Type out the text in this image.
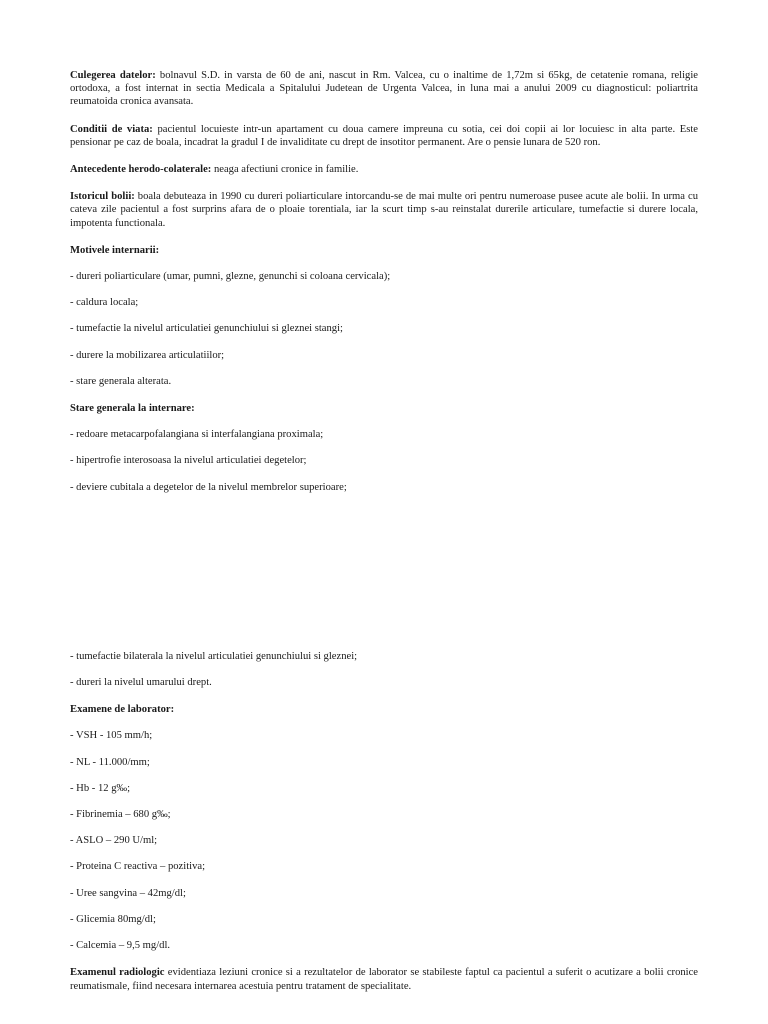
Culegerea datelor: bolnavul S.D. in varsta de 60 de ani, nascut in Rm. Valcea, cu o inaltime de 1,72m si 65kg, de cetatenie romana, religie ortodoxa, a fost internat in sectia Medicala a Spitalului Judetean de Urgenta Valcea, in luna mai a anului 2009 cu diagnosticul: poliartrita reumatoida cronica avansata.

Conditii de viata: pacientul locuieste intr-un apartament cu doua camere impreuna cu sotia, cei doi copii ai lor locuiesc in alta parte. Este pensionar pe caz de boala, incadrat la gradul I de invaliditate cu drept de insotitor permanent. Are o pensie lunara de 520 ron.

Antecedente herodo-colaterale: neaga afectiuni cronice in familie.

Istoricul bolii: boala debuteaza in 1990 cu dureri poliarticulare intorcandu-se de mai multe ori pentru numeroase pusee acute ale bolii. In urma cu cateva zile pacientul a fost surprins afara de o ploaie torentiala, iar la scurt timp s-au reinstalat durerile articulare, tumefactie si durere locala, impotenta functionala.

Motivele internarii:

- dureri poliarticulare (umar, pumni, glezne, genunchi si coloana cervicala);

- caldura locala;

- tumefactie la nivelul articulatiei genunchiului si gleznei stangi;

- durere la mobilizarea articulatiilor;

- stare generala alterata.

Stare generala la internare:

- redoare metacarpofalangiana si interfalangiana proximala;

- hipertrofie interosoasa la nivelul articulatiei degetelor;

- deviere cubitala a degetelor de la nivelul membrelor superioare;

- tumefactie bilaterala la nivelul articulatiei genunchiului si gleznei;

- dureri la nivelul umarului drept.

Examene de laborator:

- VSH - 105 mm/h;

- NL - 11.000/mm;

- Hb - 12 g‰;

- Fibrinemia – 680 g‰;

- ASLO – 290 U/ml;

- Proteina C reactiva – pozitiva;

- Uree sangvina – 42mg/dl;

- Glicemia 80mg/dl;

- Calcemia – 9,5 mg/dl.

Examenul radiologic evidentiaza leziuni cronice si a rezultatelor de laborator se stabileste faptul ca pacientul a suferit o acutizare a bolii cronice reumatismale, fiind necesara internarea acestuia pentru tratament de specialitate.
